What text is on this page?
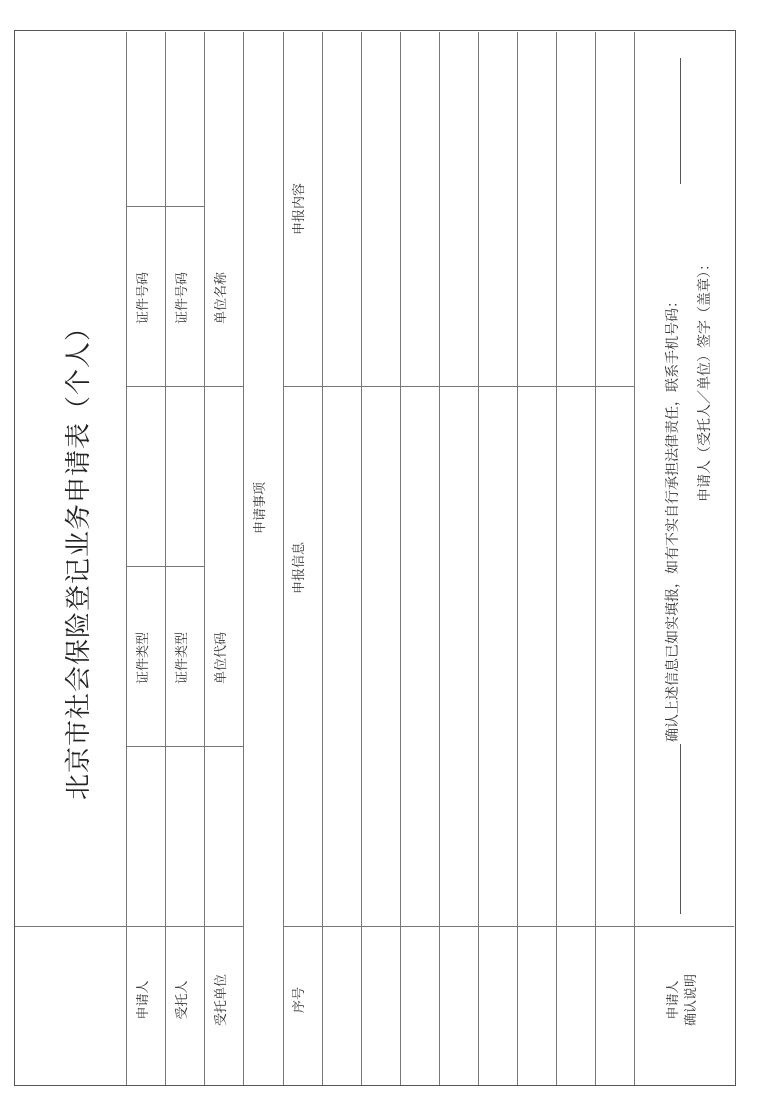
北京市社会保险登记业务申请表（个人）
申请人
证件类型
证件号码
受托人
证件类型
证件号码
受托单位
单位代码
单位名称
申请事项
序号
申报信息
申报内容
申请人 确认说明
确认上述信息已如实填报，如有不实自行承担法律责任，联系手机号码： 申请人（受托人／单位）签字（盖章）：
